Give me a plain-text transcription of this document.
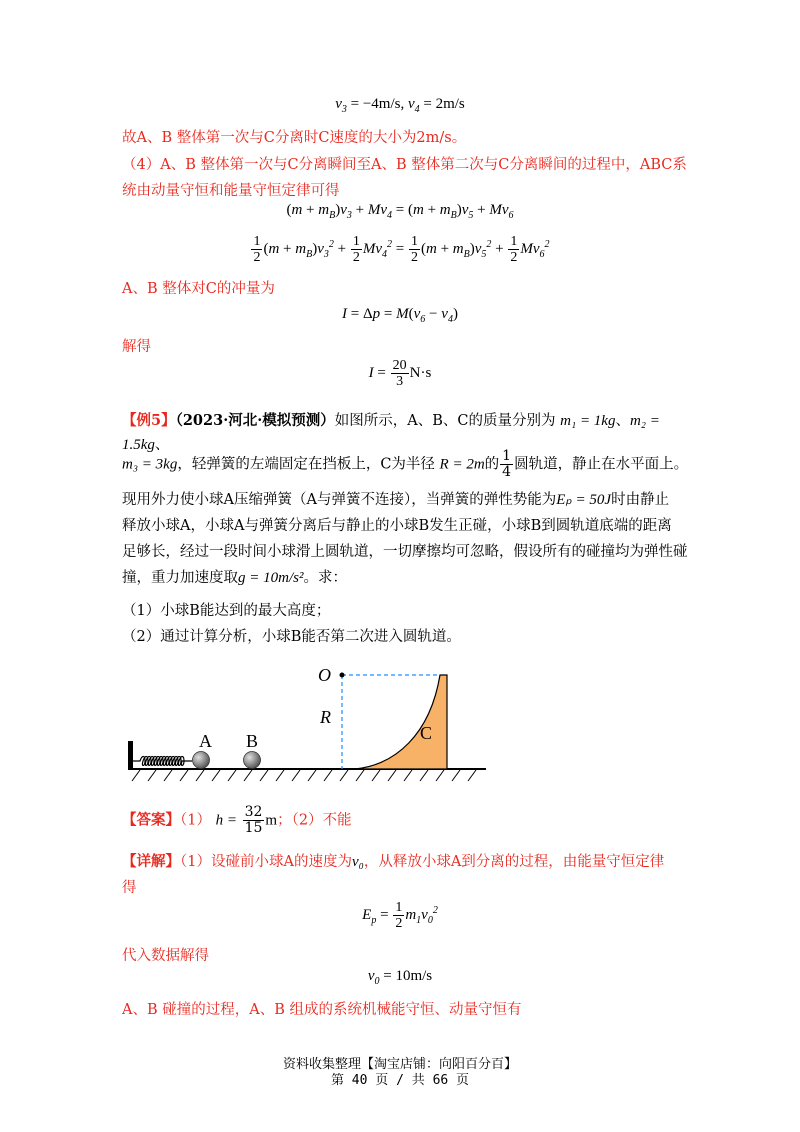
$v_3 = -4m/s$, $v_4 = 2m/s$
故A、B 整体第一次与C分离时C速度的大小为2m/s。
（4）A、B 整体第一次与C分离瞬间至A、B 整体第二次与C分离瞬间的过程中，ABC系
统由动量守恒和能量守恒定律可得
$(m + m_B)v_3 + Mv_4 = (m + m_B)v_5 + Mv_6$
$\frac{1}{2} (m + m_B)v_3^2 + \frac{1}{2} Mv_4^2 = \frac{1}{2} (m + m_B)v_5^2 + \frac{1}{2} Mv_6^2$
A、B 整体对C的冲量为
$I = \Delta p = M(v_6 - v_4)$
解得
$I = \frac{20}{3} N\cdot s$
【例5】（2023·河北·模拟预测）如图所示，A、B、C的质量分别为 m₁ = 1kg、m₂ = 1.5kg、
m₃ = 3kg，轻弹簧的左端固定在挡板上，C为半径 R = 2m的 $\frac{1}{4}$ 圆轨道，静止在水平面上。
现用外力使小球A压缩弹簧（A与弹簧不连接），当弹簧的弹性势能为Eₚ = 50J时由静止
释放小球A，小球A与弹簧分离后与静止的小球B发生正碰，小球B到圆轨道底端的距离
足够长，经过一段时间小球滑上圆轨道，一切摩擦均可忽略，假设所有的碰撞均为弹性碰
撞，重力加速度取g = 10m/s²。求：
（1）小球B能达到的最大高度；
（2）通过计算分析，小球B能否第二次进入圆轨道。
A B	C
O
R
【答案】（1） $h = \frac{32}{15}$ m；（2）不能
【详解】（1）设碰前小球A的速度为v₀，从释放小球A到分离的过程，由能量守恒定律
得
$E_p = \frac{1}{2} m_1v_0^2$
代入数据解得
$v_0 = 10m/s$
A、B 碰撞的过程，A、B 组成的系统机械能守恒、动量守恒有
资料收集整理【淘宝店铺：向阳百分百】
第 40 页 / 共 66 页
